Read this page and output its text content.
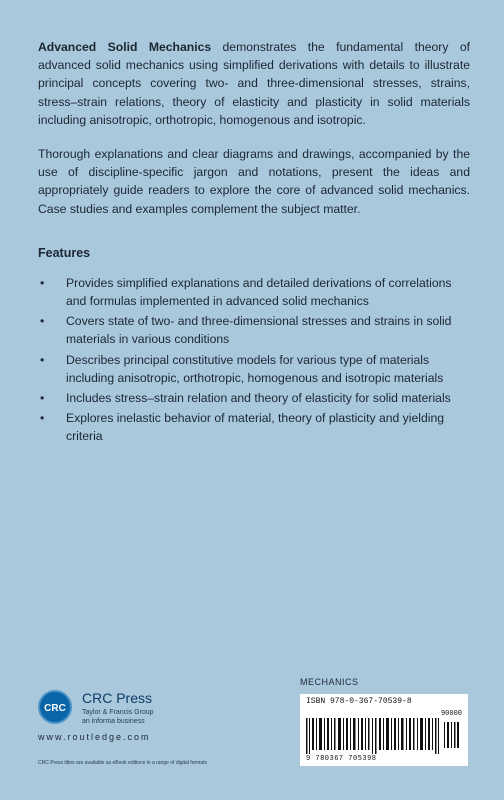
Advanced Solid Mechanics demonstrates the fundamental theory of advanced solid mechanics using simplified derivations with details to illustrate principal concepts covering two- and three-dimensional stresses, strains, stress–strain relations, theory of elasticity and plasticity in solid materials including anisotropic, orthotropic, homogenous and isotropic.

Thorough explanations and clear diagrams and drawings, accompanied by the use of discipline-specific jargon and notations, present the ideas and appropriately guide readers to explore the core of advanced solid mechanics. Case studies and examples complement the subject matter.

Features
• Provides simplified explanations and detailed derivations of correlations and formulas implemented in advanced solid mechanics
• Covers state of two- and three-dimensional stresses and strains in solid materials in various conditions
• Describes principal constitutive models for various type of materials including anisotropic, orthotropic, homogenous and isotropic materials
• Includes stress–strain relation and theory of elasticity for solid materials
• Explores inelastic behavior of material, theory of plasticity and yielding criteria
MECHANICS
CRC
CRC Press
Taylor & Francis Group
an informa business
www.routledge.com
CRC Press titles are available as eBook editions in a range of digital formats
ISBN 978-0-367-70539-8
90000
9 780367 705398
